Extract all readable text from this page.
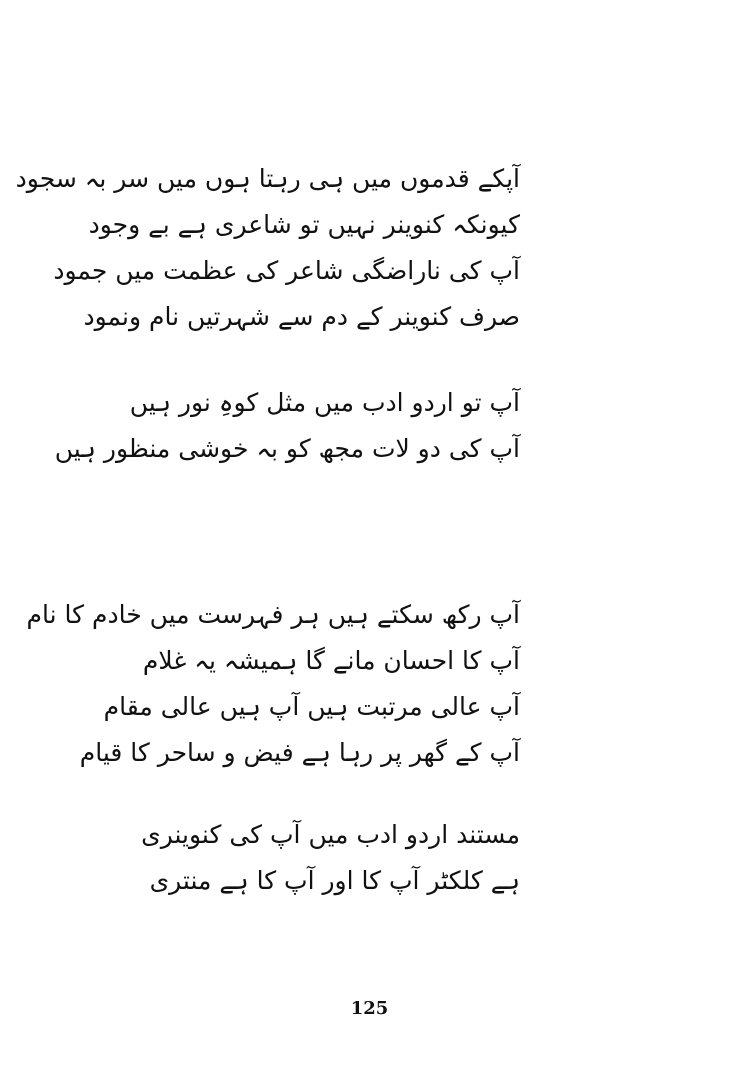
آپکے قدموں میں ہی رہتا ہوں میں سر بہ سجود
کیونکہ کنوینر نہیں تو شاعری ہے بے وجود
آپ کی ناراضگی شاعر کی عظمت میں جمود
صرف کنوینر کے دم سے شہرتیں نام ونمود
آپ تو اردو ادب میں مثل کوہِ نور ہیں
آپ کی دو لات مجھ کو بہ خوشی منظور ہیں
آپ رکھ سکتے ہیں ہر فہرست میں خادم کا نام
آپ کا احسان مانے گا ہمیشہ یہ غلام
آپ عالی مرتبت ہیں آپ ہیں عالی مقام
آپ کے گھر پر رہا ہے فیض و ساحر کا قیام
مستند اردو ادب میں آپ کی کنوینری
ہے کلکٹر آپ کا اور آپ کا ہے منتری
125
